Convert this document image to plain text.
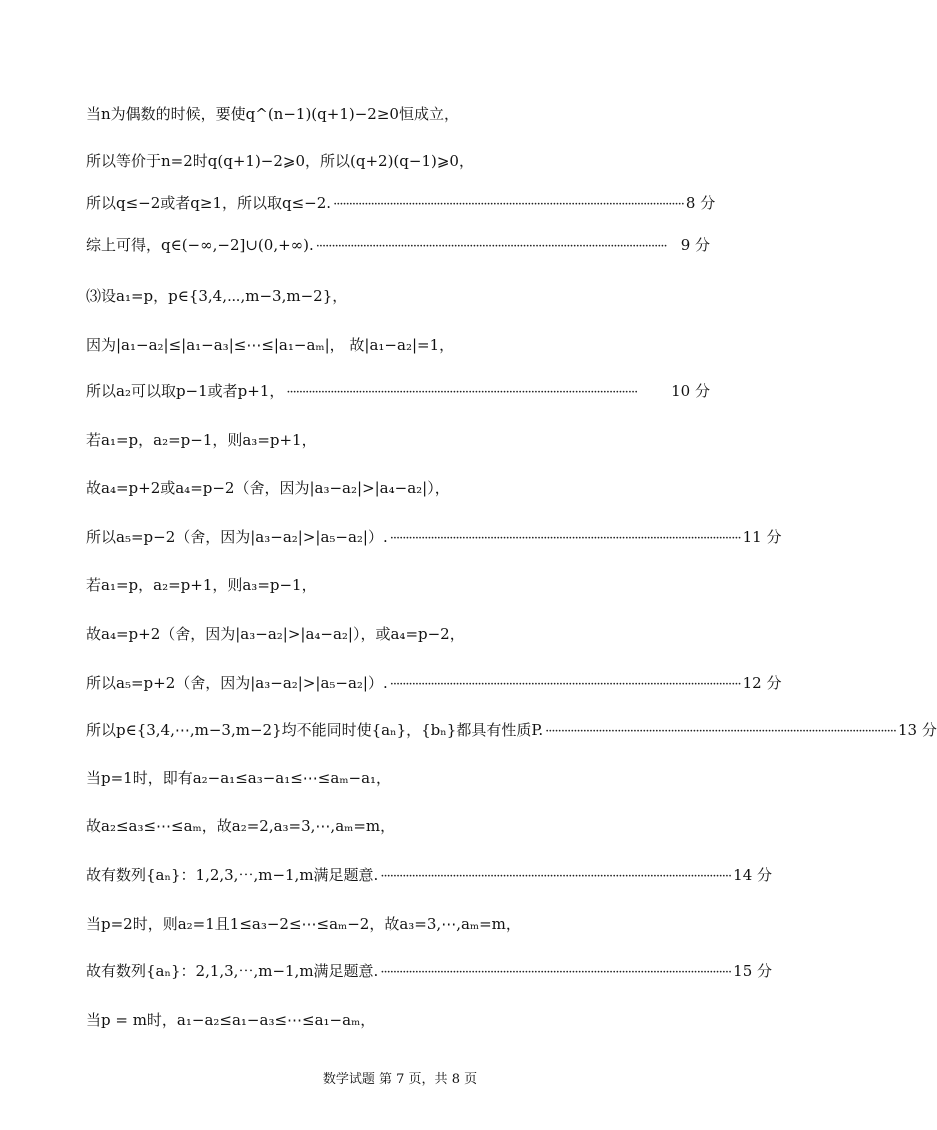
当n为偶数的时候，要使q^(n−1)(q+1)−2≥0恒成立，
所以等价于n=2时q(q+1)−2⩾0，所以(q+2)(q−1)⩾0，
所以q≤−2或者q≥1，所以取q≤−2. ················································································································ 8 分
综上可得，q∈(−∞,−2]∪(0,+∞). ················································································································ 9 分
⑶设a₁=p，p∈{3,4,⋯,m−3,m−2}，
因为|a₁−a₂|≤|a₁−a₃|≤⋯≤|a₁−aₘ|， 故|a₁−a₂|=1，
所以a₂可以取p−1或者p+1， ················································································································	10 分
若a₁=p，a₂=p−1，则a₃=p+1，
故a₄=p+2或a₄=p−2（舍，因为|a₃−a₂|>|a₄−a₂|），
所以a₅=p−2（舍，因为|a₃−a₂|>|a₅−a₂|）. ················································································································ 11 分
若a₁=p，a₂=p+1，则a₃=p−1，
故a₄=p+2（舍，因为|a₃−a₂|>|a₄−a₂|），或a₄=p−2，
所以a₅=p+2（舍，因为|a₃−a₂|>|a₅−a₂|）. ················································································································ 12 分
所以p∈{3,4,⋯,m−3,m−2}均不能同时使{aₙ}，{bₙ}都具有性质P. ················································································································ 13 分
当p=1时，即有a₂−a₁≤a₃−a₁≤⋯≤aₘ−a₁，
故a₂≤a₃≤⋯≤aₘ，故a₂=2,a₃=3,⋯,aₘ=m，
故有数列{aₙ}：1,2,3,⋯,m−1,m满足题意. ················································································································ 14 分
当p=2时，则a₂=1且1≤a₃−2≤⋯≤aₘ−2，故a₃=3,⋯,aₘ=m，
故有数列{aₙ}：2,1,3,⋯,m−1,m满足题意. ················································································································ 15 分
当p = m时，a₁−a₂≤a₁−a₃≤⋯≤a₁−aₘ，
数学试题 第 7 页，共 8 页
